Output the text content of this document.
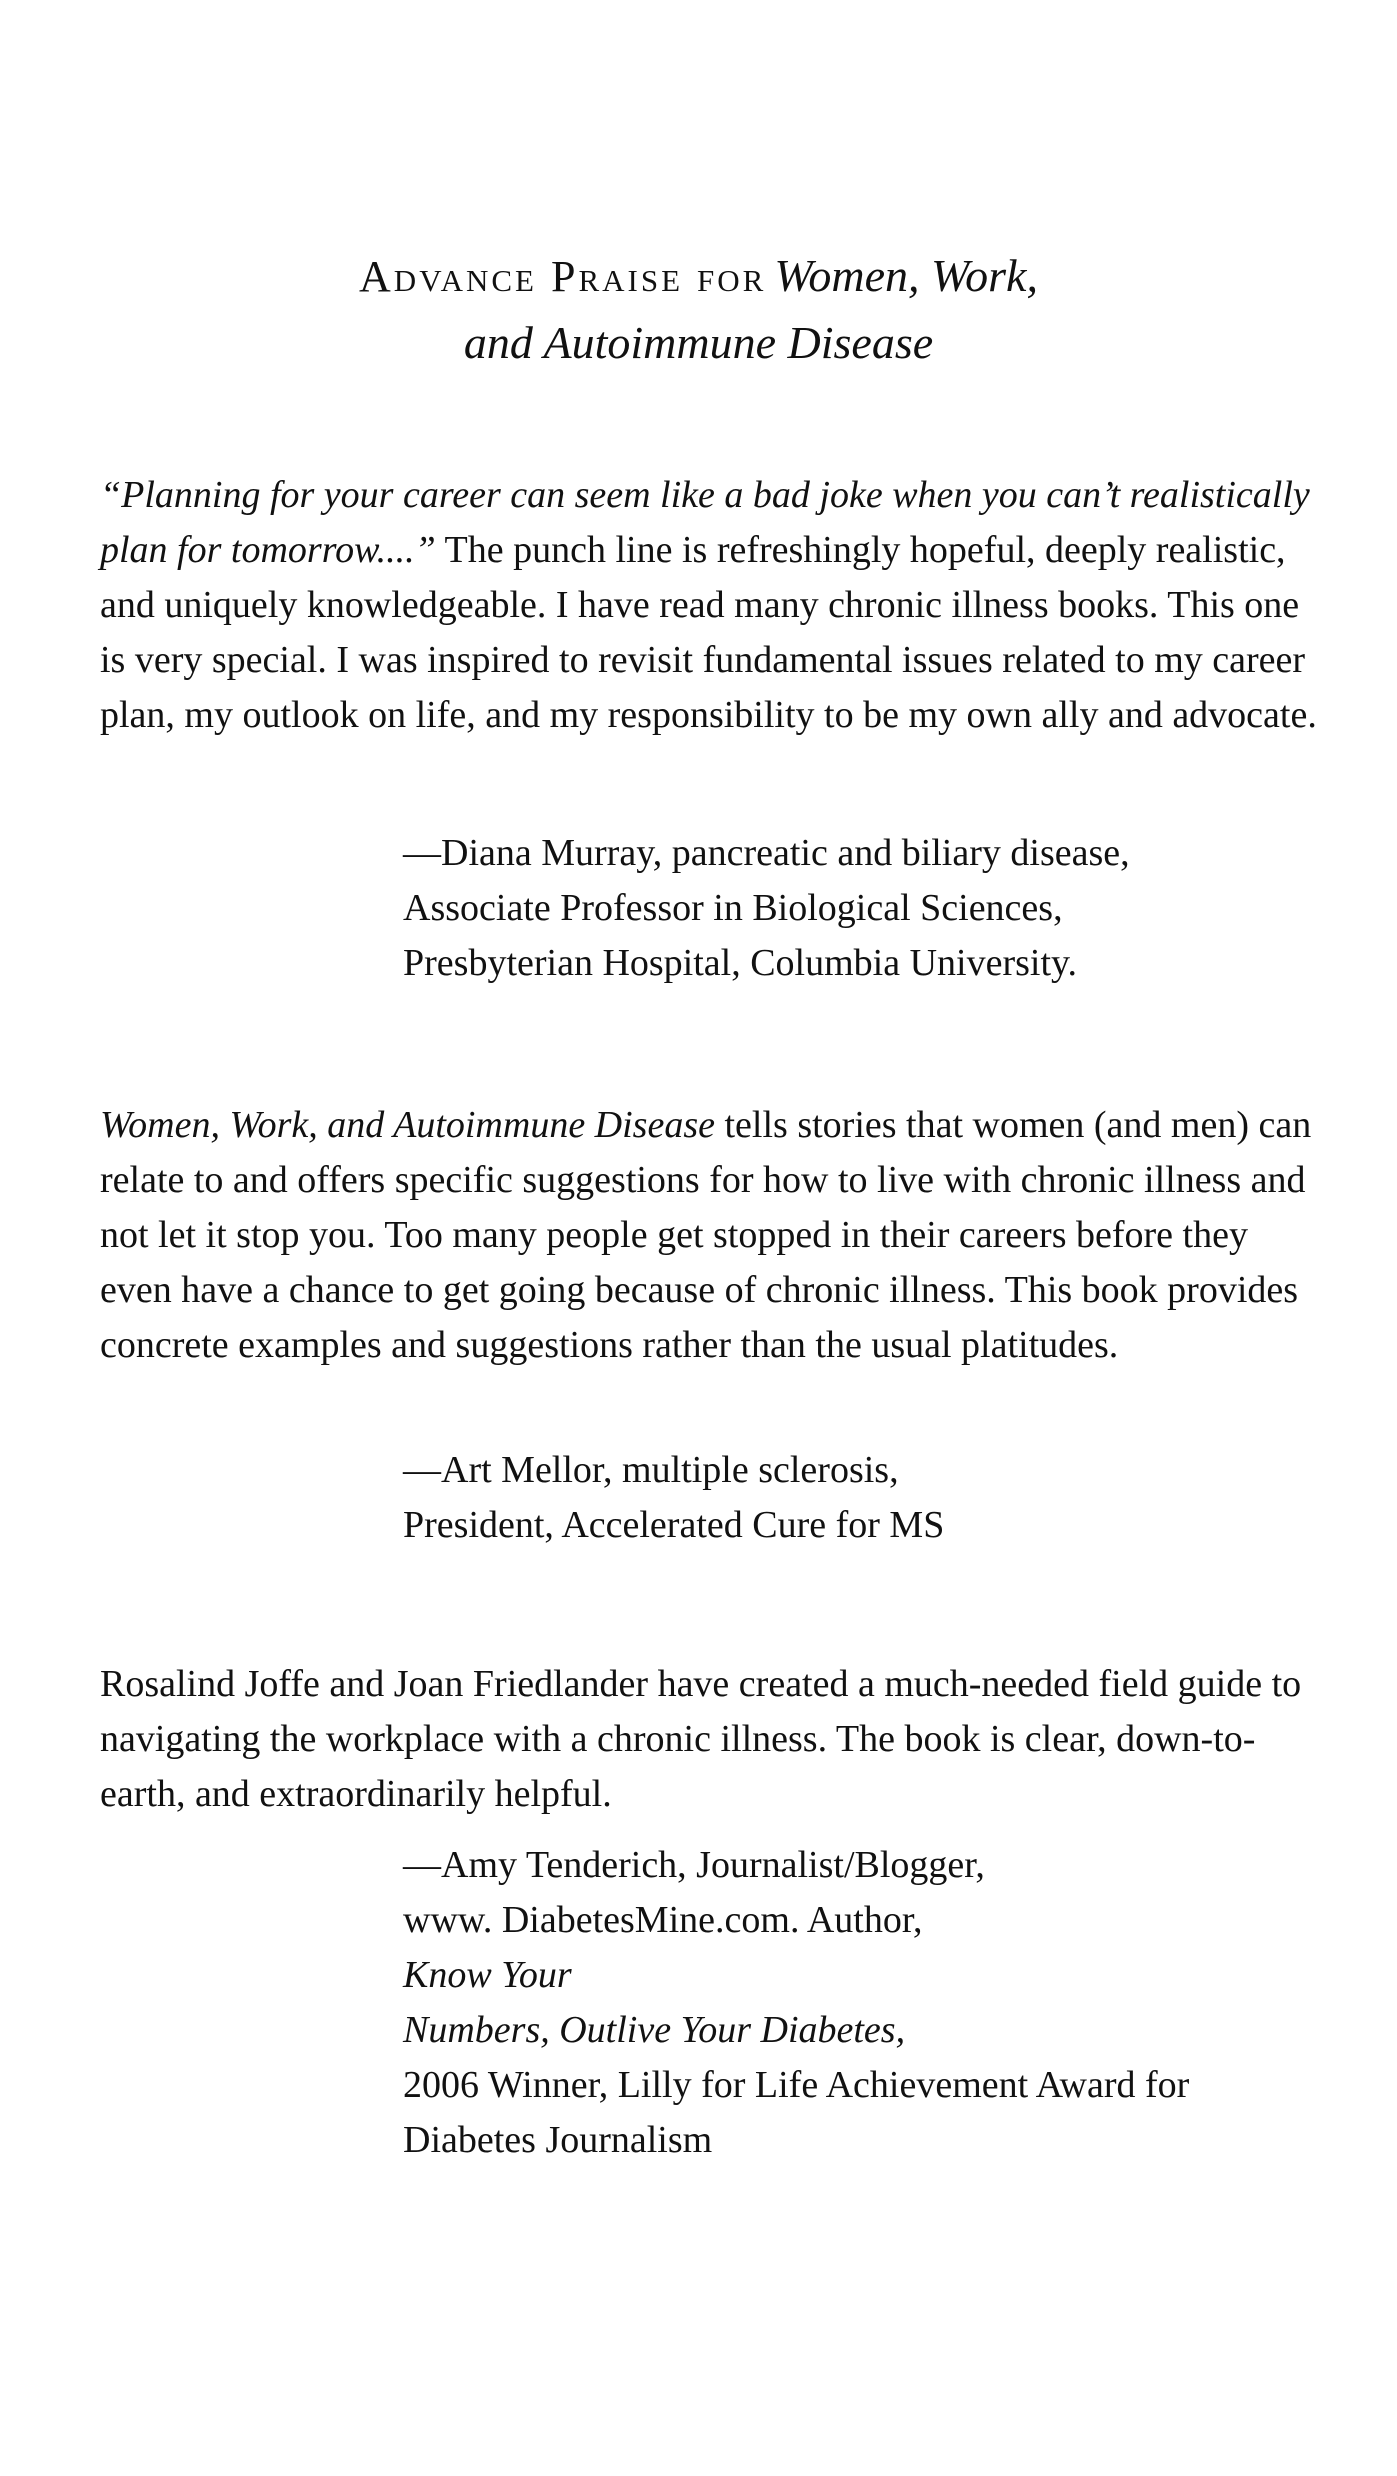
Advance Praise for Women, Work,
and Autoimmune Disease
“Planning for your career can seem like a bad joke when you can’t realistically plan for tomorrow....” The punch line is refreshingly hopeful, deeply realistic, and uniquely knowledgeable. I have read many chronic illness books. This one is very special. I was inspired to revisit fundamental issues related to my career plan, my outlook on life, and my responsibility to be my own ally and advocate.
—Diana Murray, pancreatic and biliary disease,
Associate Professor in Biological Sciences,
Presbyterian Hospital, Columbia University.
Women, Work, and Autoimmune Disease tells stories that women (and men) can relate to and offers specific suggestions for how to live with chronic illness and not let it stop you. Too many people get stopped in their careers before they even have a chance to get going because of chronic illness. This book provides concrete examples and suggestions rather than the usual platitudes.
—Art Mellor, multiple sclerosis,
President, Accelerated Cure for MS
Rosalind Joffe and Joan Friedlander have created a much-needed field guide to navigating the workplace with a chronic illness. The book is clear, down-to-earth, and extraordinarily helpful.
—Amy Tenderich, Journalist/Blogger,
www. DiabetesMine.com. Author,
Know Your
Numbers, Outlive Your Diabetes,
2006 Winner, Lilly for Life Achievement Award for
Diabetes Journalism
